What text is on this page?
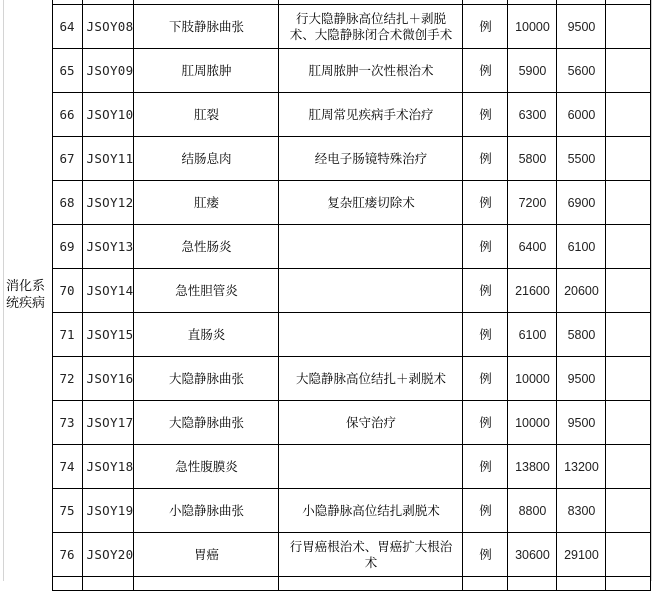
消化系
统疾病								
	64	JSOY08	下肢静脉曲张	行大隐静脉高位结扎＋剥脱术、大隐静脉闭合术微创手术	例	10000	9500	
	65	JSOY09	肛周脓肿	肛周脓肿一次性根治术	例	5900	5600	
	66	JSOY10	肛裂	肛周常见疾病手术治疗	例	6300	6000	
	67	JSOY11	结肠息肉	经电子肠镜特殊治疗	例	5800	5500	
	68	JSOY12	肛瘘	复杂肛瘘切除术	例	7200	6900	
	69	JSOY13	急性肠炎		例	6400	6100	
	70	JSOY14	急性胆管炎		例	21600	20600	
	71	JSOY15	直肠炎		例	6100	5800	
	72	JSOY16	大隐静脉曲张	大隐静脉高位结扎＋剥脱术	例	10000	9500	
	73	JSOY17	大隐静脉曲张	保守治疗	例	10000	9500	
	74	JSOY18	急性腹膜炎		例	13800	13200	
	75	JSOY19	小隐静脉曲张	小隐静脉高位结扎剥脱术	例	8800	8300	
	76	JSOY20	胃癌	行胃癌根治术、胃癌扩大根治术	例	30600	29100	
